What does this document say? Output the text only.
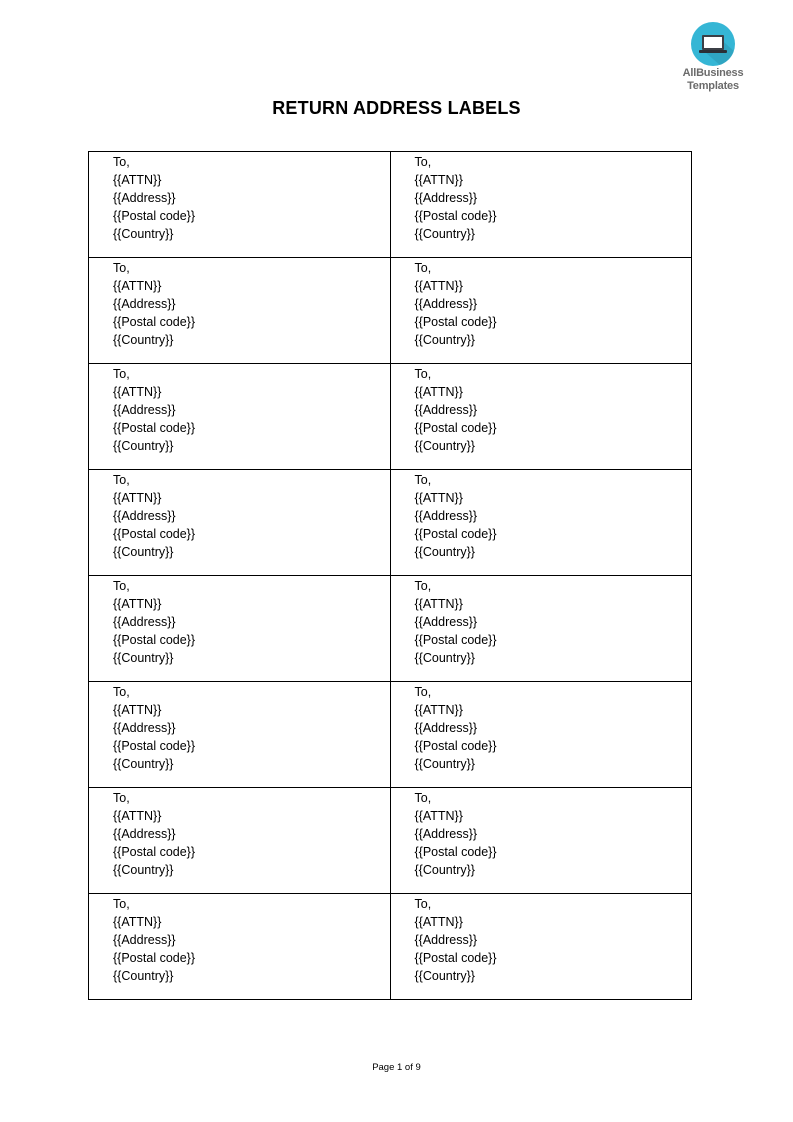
AllBusiness
Templates
RETURN ADDRESS LABELS
To,
{{ATTN}}
{{Address}}
{{Postal code}}
{{Country}}	To,
{{ATTN}}
{{Address}}
{{Postal code}}
{{Country}}

To,
{{ATTN}}
{{Address}}
{{Postal code}}
{{Country}}	To,
{{ATTN}}
{{Address}}
{{Postal code}}
{{Country}}

To,
{{ATTN}}
{{Address}}
{{Postal code}}
{{Country}}	To,
{{ATTN}}
{{Address}}
{{Postal code}}
{{Country}}

To,
{{ATTN}}
{{Address}}
{{Postal code}}
{{Country}}	To,
{{ATTN}}
{{Address}}
{{Postal code}}
{{Country}}

To,
{{ATTN}}
{{Address}}
{{Postal code}}
{{Country}}	To,
{{ATTN}}
{{Address}}
{{Postal code}}
{{Country}}

To,
{{ATTN}}
{{Address}}
{{Postal code}}
{{Country}}	To,
{{ATTN}}
{{Address}}
{{Postal code}}
{{Country}}

To,
{{ATTN}}
{{Address}}
{{Postal code}}
{{Country}}	To,
{{ATTN}}
{{Address}}
{{Postal code}}
{{Country}}

To,
{{ATTN}}
{{Address}}
{{Postal code}}
{{Country}}	To,
{{ATTN}}
{{Address}}
{{Postal code}}
{{Country}}
Page 1 of 9
